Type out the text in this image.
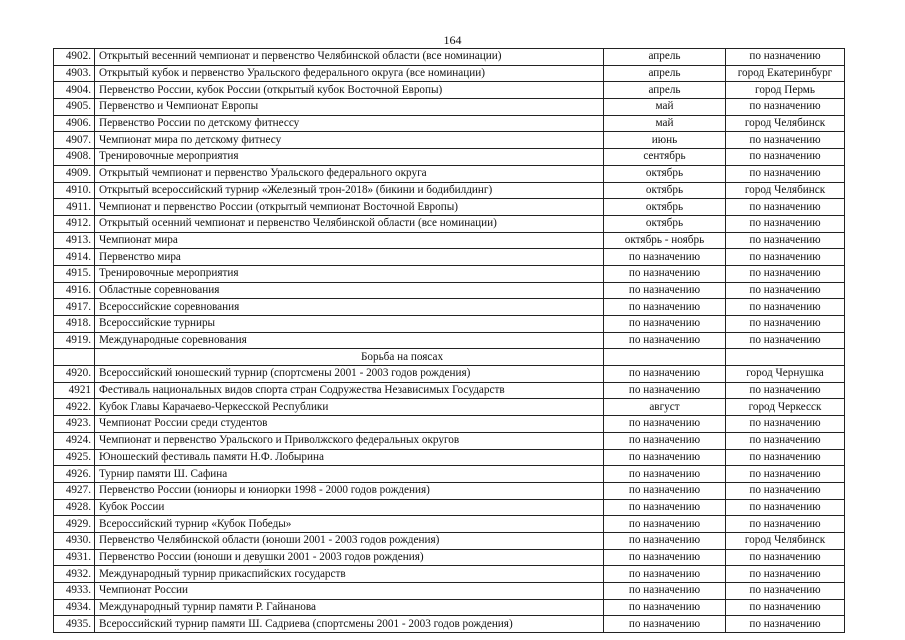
164
4902.	Открытый весенний чемпионат и первенство Челябинской области (все номинации)	апрель	по назначению
4903.	Открытый кубок и первенство Уральского федерального округа (все номинации)	апрель	город Екатеринбург
4904.	Первенство России, кубок России (открытый кубок Восточной Европы)	апрель	город Пермь
4905.	Первенство и Чемпионат Европы	май	по назначению
4906.	Первенство России по детскому фитнессу	май	город Челябинск
4907.	Чемпионат мира по детскому фитнесу	июнь	по назначению
4908.	Тренировочные мероприятия	сентябрь	по назначению
4909.	Открытый чемпионат и первенство Уральского федерального округа	октябрь	по назначению
4910.	Открытый всероссийский турнир «Железный трон-2018» (бикини и бодибилдинг)	октябрь	город Челябинск
4911.	Чемпионат и первенство России (открытый чемпионат Восточной Европы)	октябрь	по назначению
4912.	Открытый осенний чемпионат и первенство Челябинской области (все номинации)	октябрь	по назначению
4913.	Чемпионат мира	октябрь - ноябрь	по назначению
4914.	Первенство мира	по назначению	по назначению
4915.	Тренировочные мероприятия	по назначению	по назначению
4916.	Областные соревнования	по назначению	по назначению
4917.	Всероссийские соревнования	по назначению	по назначению
4918.	Всероссийские турниры	по назначению	по назначению
4919.	Международные соревнования	по назначению	по назначению
	Борьба на поясах		
4920.	Всероссийский юношеский турнир (спортсмены 2001 - 2003 годов рождения)	по назначению	город Чернушка
4921	Фестиваль национальных видов спорта стран Содружества Независимых Государств	по назначению	по назначению
4922.	Кубок Главы Карачаево-Черкесской Республики	август	город Черкесск
4923.	Чемпионат России среди студентов	по назначению	по назначению
4924.	Чемпионат и первенство Уральского и Приволжского федеральных округов	по назначению	по назначению
4925.	Юношеский фестиваль памяти Н.Ф. Лобырина	по назначению	по назначению
4926.	Турнир памяти Ш. Сафина	по назначению	по назначению
4927.	Первенство России (юниоры и юниорки 1998 - 2000 годов рождения)	по назначению	по назначению
4928.	Кубок России	по назначению	по назначению
4929.	Всероссийский турнир «Кубок Победы»	по назначению	по назначению
4930.	Первенство Челябинской области (юноши 2001 - 2003 годов рождения)	по назначению	город Челябинск
4931.	Первенство России (юноши и девушки 2001 - 2003 годов рождения)	по назначению	по назначению
4932.	Международный турнир прикаспийских государств	по назначению	по назначению
4933.	Чемпионат России	по назначению	по назначению
4934.	Международный турнир памяти Р. Гайнанова	по назначению	по назначению
4935.	Всероссийский турнир памяти Ш. Садриева (спортсмены 2001 - 2003 годов рождения)	по назначению	по назначению
